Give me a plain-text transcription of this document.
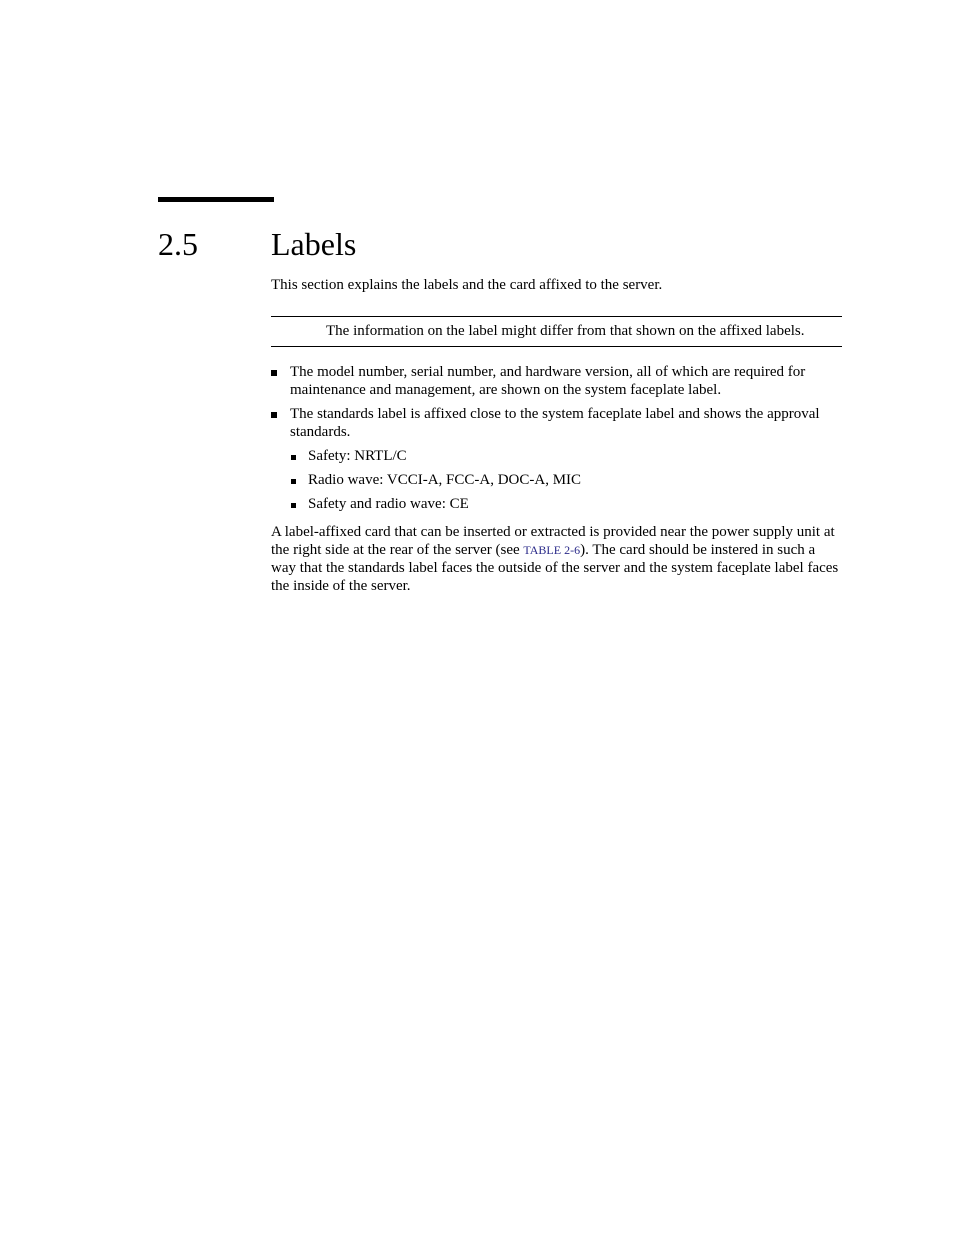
2.5 Labels

This section explains the labels and the card affixed to the server.

The information on the label might differ from that shown on the affixed labels.
The model number, serial number, and hardware version, all of which are required for maintenance and management, are shown on the system faceplate label.
The standards label is affixed close to the system faceplate label and shows the approval standards.
Safety: NRTL/C
Radio wave: VCCI-A, FCC-A, DOC-A, MIC
Safety and radio wave: CE

A label-affixed card that can be inserted or extracted is provided near the power supply unit at the right side at the rear of the server (see TABLE 2-6). The card should be instered in such a way that the standards label faces the outside of the server and the system faceplate label faces the inside of the server.
